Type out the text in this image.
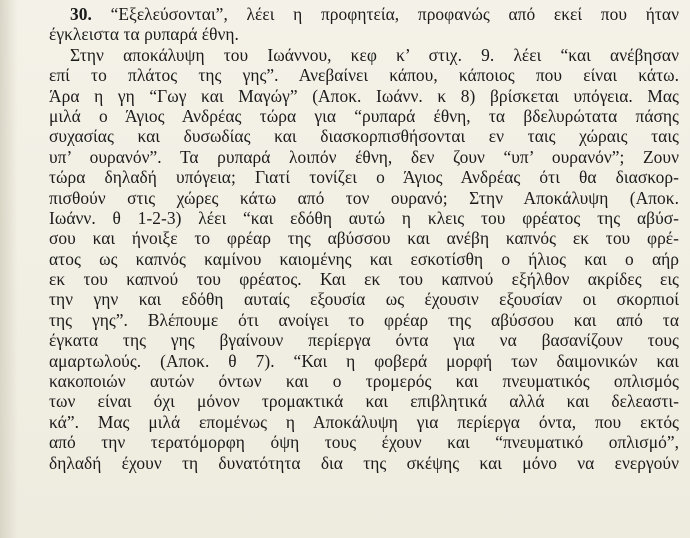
30. “Εξελεύσονται”, λέει η προφητεία, προφανώς από εκεί που ήταν
έγκλειστα τα ρυπαρά έθνη.
Στην αποκάλυψη του Ιωάννου, κεφ κ’ στιχ. 9. λέει “και ανέβησαν
επί το πλάτος της γης”. Ανεβαίνει κάπου, κάποιος που είναι κάτω.
Άρα η γη “Γωγ και Μαγώγ” (Αποκ. Ιωάνν. κ 8) βρίσκεται υπόγεια. Μας
μιλά ο Άγιος Ανδρέας τώρα για “ρυπαρά έθνη, τα βδελυρώτατα πάσης
συχασίας και δυσωδίας και διασκορπισθήσονται εν ταις χώραις ταις
υπ’ ουρανόν”. Τα ρυπαρά λοιπόν έθνη, δεν ζουν “υπ’ ουρανόν”; Ζουν
τώρα δηλαδή υπόγεια; Γιατί τονίζει ο Άγιος Ανδρέας ότι θα διασκορ-
πισθούν στις χώρες κάτω από τον ουρανό; Στην Αποκάλυψη (Αποκ.
Ιωάνν. θ 1-2-3) λέει “και εδόθη αυτώ η κλεις του φρέατος της αβύσ-
σου και ήνοιξε το φρέαρ της αβύσσου και ανέβη καπνός εκ του φρέ-
ατος ως καπνός καμίνου καιομένης και εσκοτίσθη ο ήλιος και ο αήρ
εκ του καπνού του φρέατος. Και εκ του καπνού εξήλθον ακρίδες εις
την γην και εδόθη αυταίς εξουσία ως έχουσιν εξουσίαν οι σκορπιοί
της γης”. Βλέπουμε ότι ανοίγει το φρέαρ της αβύσσου και από τα
έγκατα της γης βγαίνουν περίεργα όντα για να βασανίζουν τους
αμαρτωλούς. (Αποκ. θ 7). “Και η φοβερά μορφή των δαιμονικών και
κακοποιών αυτών όντων και ο τρομερός και πνευματικός οπλισμός
των είναι όχι μόνον τρομακτικά και επιβλητικά αλλά και δελεαστι-
κά”. Μας μιλά επομένως η Αποκάλυψη για περίεργα όντα, που εκτός
από την τερατόμορφη όψη τους έχουν και “πνευματικό οπλισμό”,
δηλαδή έχουν τη δυνατότητα δια της σκέψης και μόνο να ενεργούν
